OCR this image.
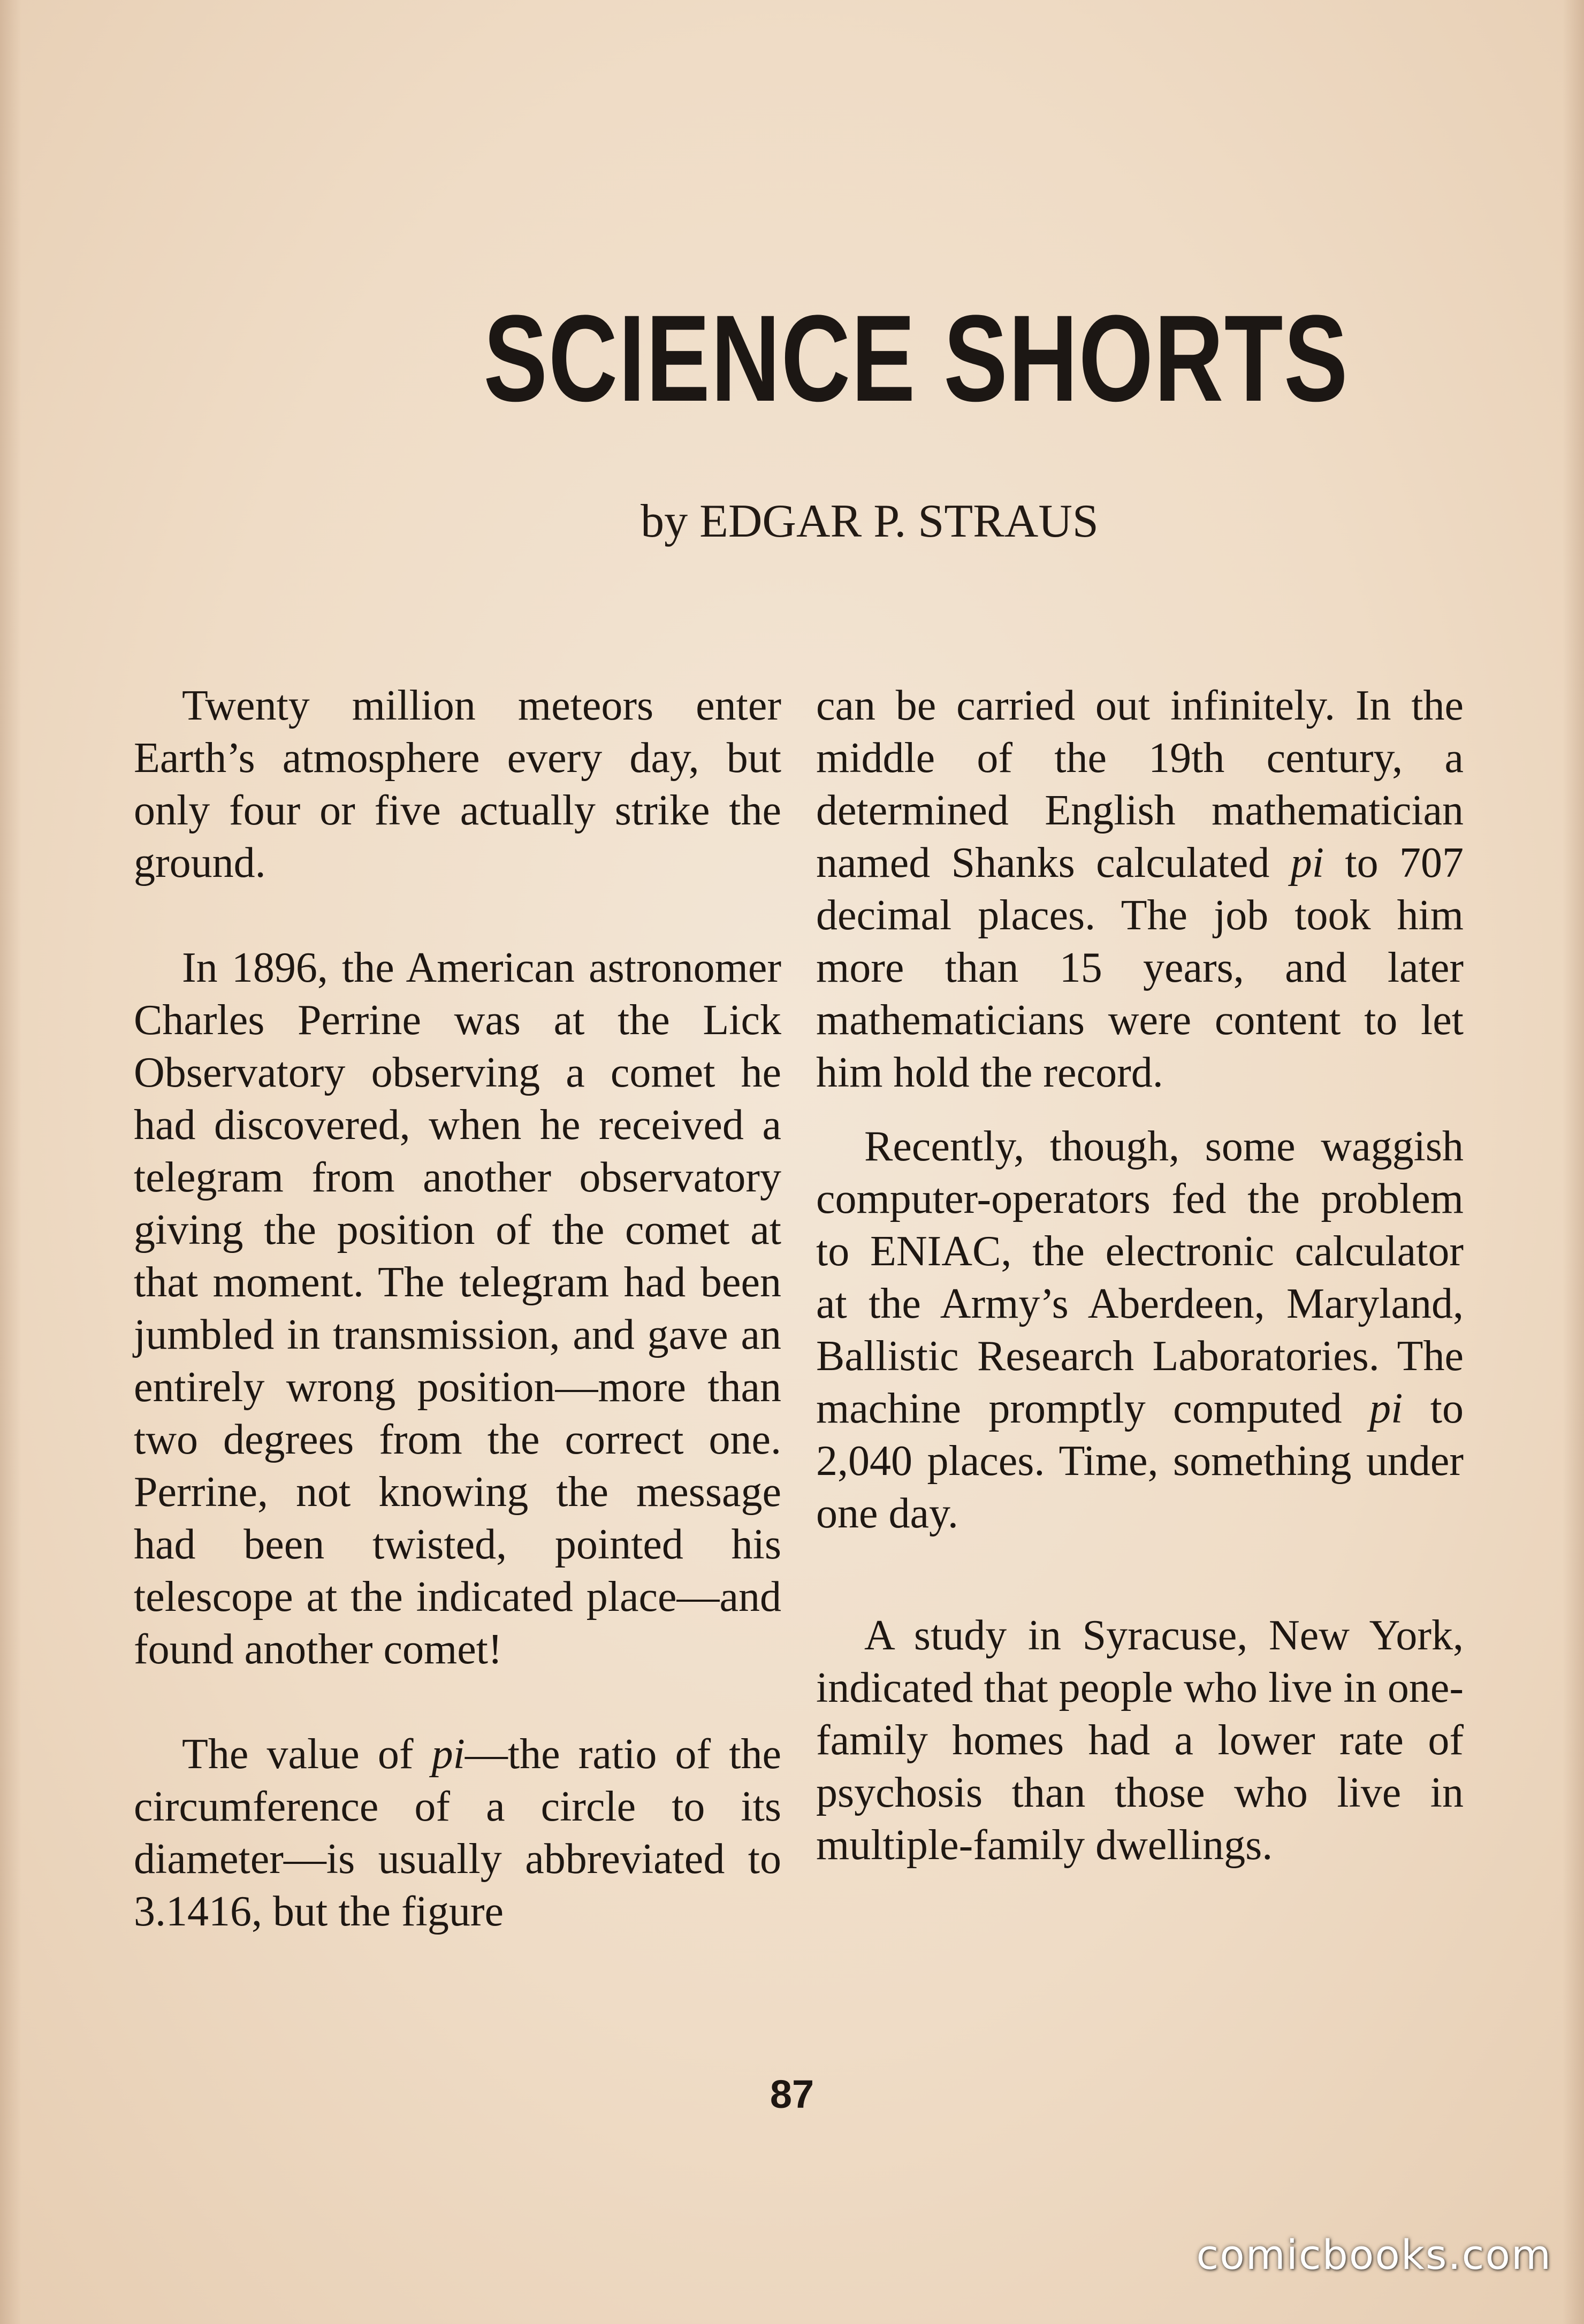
SCIENCE SHORTS
by EDGAR P. STRAUS

Twenty million meteors enter Earth’s atmosphere every day, but only four or five actually strike the ground.

In 1896, the American astronomer Charles Perrine was at the Lick Observatory observing a comet he had discovered, when he received a telegram from another observatory giving the position of the comet at that moment. The telegram had been jumbled in transmission, and gave an entirely wrong position—more than two degrees from the correct one. Perrine, not knowing the message had been twisted, pointed his telescope at the indicated place—and found another comet!

The value of pi—the ratio of the circumference of a circle to its diameter—is usually abbreviated to 3.1416, but the figure

can be carried out infinitely. In the middle of the 19th century, a determined English mathematician named Shanks calculated pi to 707 decimal places. The job took him more than 15 years, and later mathematicians were content to let him hold the record.

Recently, though, some waggish computer-operators fed the problem to ENIAC, the electronic calculator at the Army’s Aberdeen, Maryland, Ballistic Research Laboratories. The machine promptly computed pi to 2,040 places. Time, something under one day.

A study in Syracuse, New York, indicated that people who live in one-family homes had a lower rate of psychosis than those who live in multiple-family dwellings.

87
comicbooks.com
